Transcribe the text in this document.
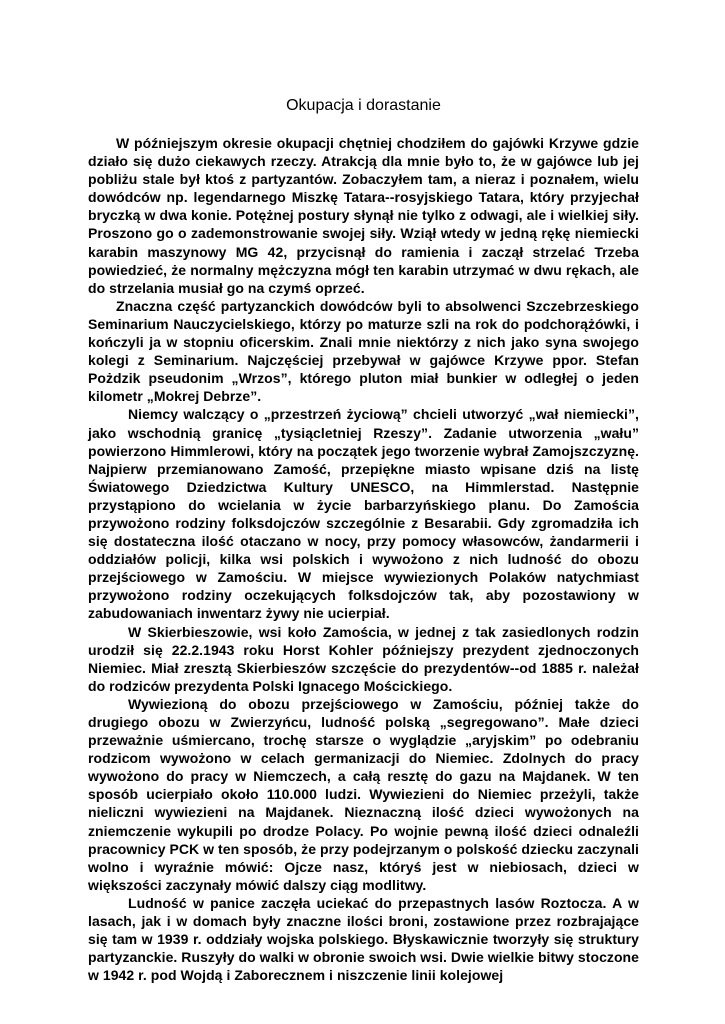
Okupacja i dorastanie

W późniejszym okresie okupacji chętniej chodziłem do gajówki Krzywe gdzie działo się dużo ciekawych rzeczy. Atrakcją dla mnie było to, że w gajówce lub jej pobliżu stale był ktoś z partyzantów. Zobaczyłem tam, a nieraz i poznałem, wielu dowódców np. legendarnego Miszkę Tatara--rosyjskiego Tatara, który przyjechał bryczką w dwa konie. Potężnej postury słynął nie tylko z odwagi, ale i wielkiej siły. Proszono go o zademonstrowanie swojej siły. Wziął wtedy w jedną rękę niemiecki karabin maszynowy MG 42, przycisnął do ramienia i zaczął strzelać Trzeba powiedzieć, że normalny mężczyzna mógł ten karabin utrzymać w dwu rękach, ale do strzelania musiał go na czymś oprzeć.

Znaczna część partyzanckich dowódców byli to absolwenci Szczebrzeskiego Seminarium Nauczycielskiego, którzy po maturze szli na rok do podchorążówki, i kończyli ja w stopniu oficerskim. Znali mnie niektórzy z nich jako syna swojego kolegi z Seminarium. Najczęściej przebywał w gajówce Krzywe ppor. Stefan Pożdzik pseudonim „Wrzos”, którego pluton miał bunkier w odległej o jeden kilometr „Mokrej Debrze”.

Niemcy walczący o „przestrzeń życiową” chcieli utworzyć „wał niemiecki”, jako wschodnią granicę „tysiącletniej Rzeszy”. Zadanie utworzenia „wału” powierzono Himmlerowi, który na początek jego tworzenie wybrał Zamojszczyznę. Najpierw przemianowano Zamość, przepiękne miasto wpisane dziś na listę Światowego Dziedzictwa Kultury UNESCO, na Himmlerstad. Następnie przystąpiono do wcielania w życie barbarzyńskiego planu. Do Zamościa przywożono rodziny folksdojczów szczególnie z Besarabii. Gdy zgromadziła ich się dostateczna ilość otaczano w nocy, przy pomocy własowców, żandarmerii i oddziałów policji, kilka wsi polskich i wywożono z nich ludność do obozu przejściowego w Zamościu. W miejsce wywiezionych Polaków natychmiast przywożono rodziny oczekujących folksdojczów tak, aby pozostawiony w zabudowaniach inwentarz żywy nie ucierpiał.

W Skierbieszowie, wsi koło Zamościa, w jednej z tak zasiedlonych rodzin urodził się 22.2.1943 roku Horst Kohler późniejszy prezydent zjednoczonych Niemiec. Miał zresztą Skierbieszów szczęście do prezydentów--od 1885 r. należał do rodziców prezydenta Polski Ignacego Mościckiego.

Wywiezioną do obozu przejściowego w Zamościu, później także do drugiego obozu w Zwierzyńcu, ludność polską „segregowano”. Małe dzieci przeważnie uśmiercano, trochę starsze o wyglądzie „aryjskim” po odebraniu rodzicom wywożono w celach germanizacji do Niemiec. Zdolnych do pracy wywożono do pracy w Niemczech, a całą resztę do gazu na Majdanek. W ten sposób ucierpiało około 110.000 ludzi. Wywiezieni do Niemiec przeżyli, także nieliczni wywiezieni na Majdanek. Nieznaczną ilość dzieci wywożonych na zniemczenie wykupili po drodze Polacy. Po wojnie pewną ilość dzieci odnaleźli pracownicy PCK w ten sposób, że przy podejrzanym o polskość dziecku zaczynali wolno i wyraźnie mówić: Ojcze nasz, któryś jest w niebiosach, dzieci w większości zaczynały mówić dalszy ciąg modlitwy.

Ludność w panice zaczęła uciekać do przepastnych lasów Roztocza. A w lasach, jak i w domach były znaczne ilości broni, zostawione przez rozbrajające się tam w 1939 r. oddziały wojska polskiego. Błyskawicznie tworzyły się struktury partyzanckie. Ruszyły do walki w obronie swoich wsi. Dwie wielkie bitwy stoczone w 1942 r. pod Wojdą i Zaborecznem i niszczenie linii kolejowej
